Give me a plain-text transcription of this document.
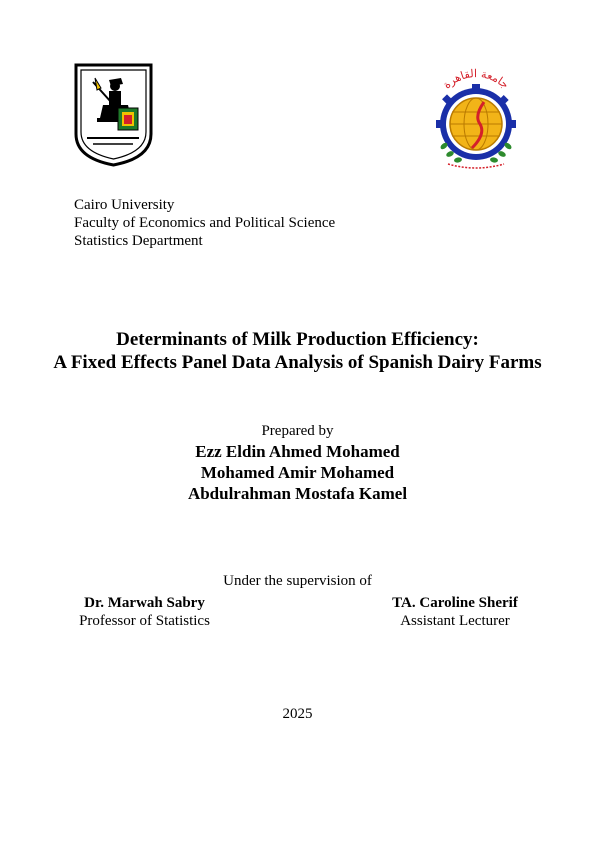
جامعة القاهرة
Cairo University
Faculty of Economics and Political Science
Statistics Department
Determinants of Milk Production Efficiency:
A Fixed Effects Panel Data Analysis of Spanish Dairy Farms
Prepared by
Ezz Eldin Ahmed Mohamed
Mohamed Amir Mohamed
Abdulrahman Mostafa Kamel
Under the supervision of
Dr. Marwah Sabry
Professor of Statistics
TA. Caroline Sherif
Assistant Lecturer
2025
